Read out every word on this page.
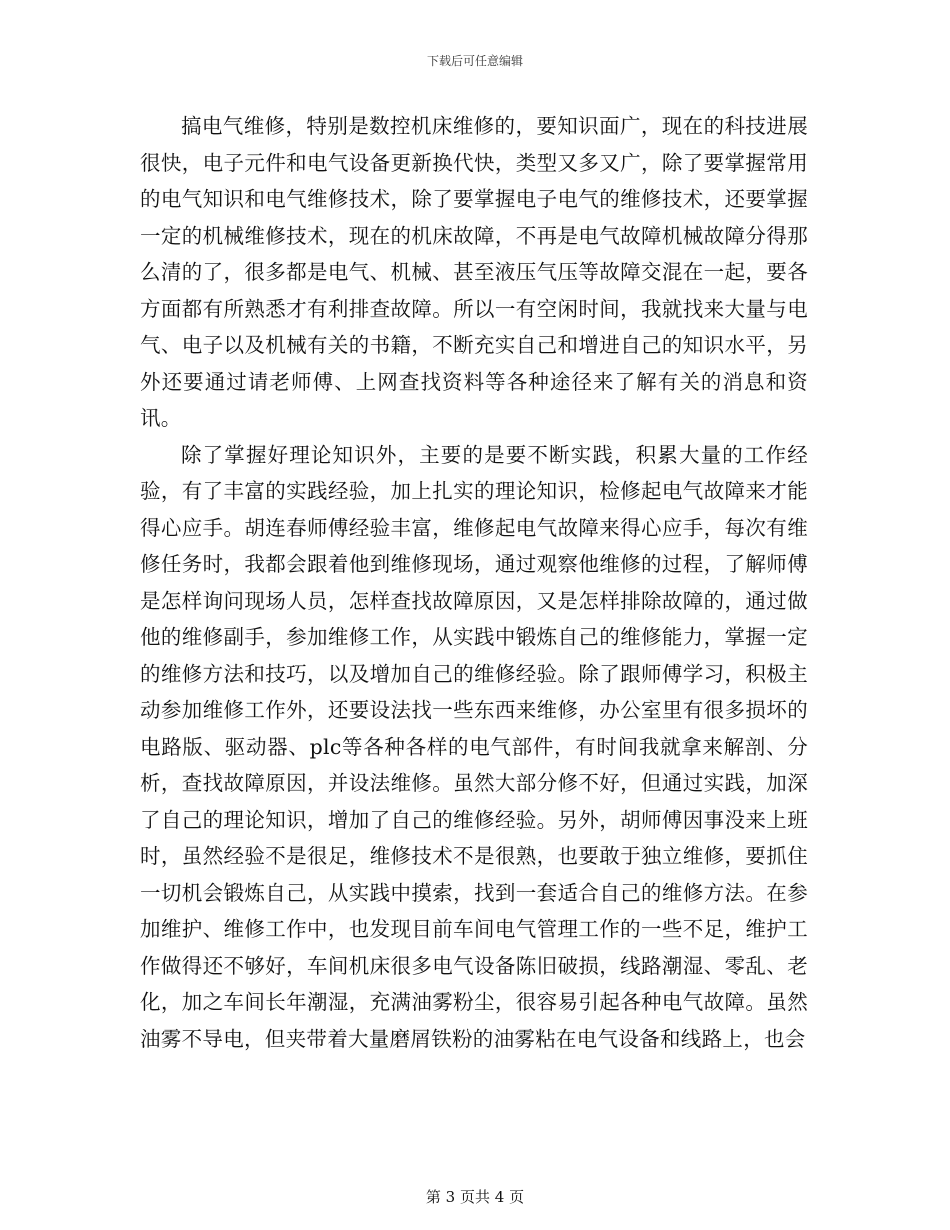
下载后可任意编辑

搞电气维修，特别是数控机床维修的，要知识面广，现在的科技进展很快，电子元件和电气设备更新换代快，类型又多又广，除了要掌握常用的电气知识和电气维修技术，除了要掌握电子电气的维修技术，还要掌握一定的机械维修技术，现在的机床故障，不再是电气故障机械故障分得那么清的了，很多都是电气、机械、甚至液压气压等故障交混在一起，要各方面都有所熟悉才有利排查故障。所以一有空闲时间，我就找来大量与电气、电子以及机械有关的书籍，不断充实自己和增进自己的知识水平，另外还要通过请老师傅、上网查找资料等各种途径来了解有关的消息和资讯。

除了掌握好理论知识外，主要的是要不断实践，积累大量的工作经验，有了丰富的实践经验，加上扎实的理论知识，检修起电气故障来才能得心应手。胡连春师傅经验丰富，维修起电气故障来得心应手，每次有维修任务时，我都会跟着他到维修现场，通过观察他维修的过程，了解师傅是怎样询问现场人员，怎样查找故障原因，又是怎样排除故障的，通过做他的维修副手，参加维修工作，从实践中锻炼自己的维修能力，掌握一定的维修方法和技巧，以及增加自己的维修经验。除了跟师傅学习，积极主动参加维修工作外，还要设法找一些东西来维修，办公室里有很多损坏的电路版、驱动器、plc等各种各样的电气部件，有时间我就拿来解剖、分析，查找故障原因，并设法维修。虽然大部分修不好，但通过实践，加深了自己的理论知识，增加了自己的维修经验。另外，胡师傅因事没来上班时，虽然经验不是很足，维修技术不是很熟，也要敢于独立维修，要抓住一切机会锻炼自己，从实践中摸索，找到一套适合自己的维修方法。在参加维护、维修工作中，也发现目前车间电气管理工作的一些不足，维护工作做得还不够好，车间机床很多电气设备陈旧破损，线路潮湿、零乱、老化，加之车间长年潮湿，充满油雾粉尘，很容易引起各种电气故障。虽然油雾不导电，但夹带着大量磨屑铁粉的油雾粘在电气设备和线路上，也会

第 3 页共 4 页
